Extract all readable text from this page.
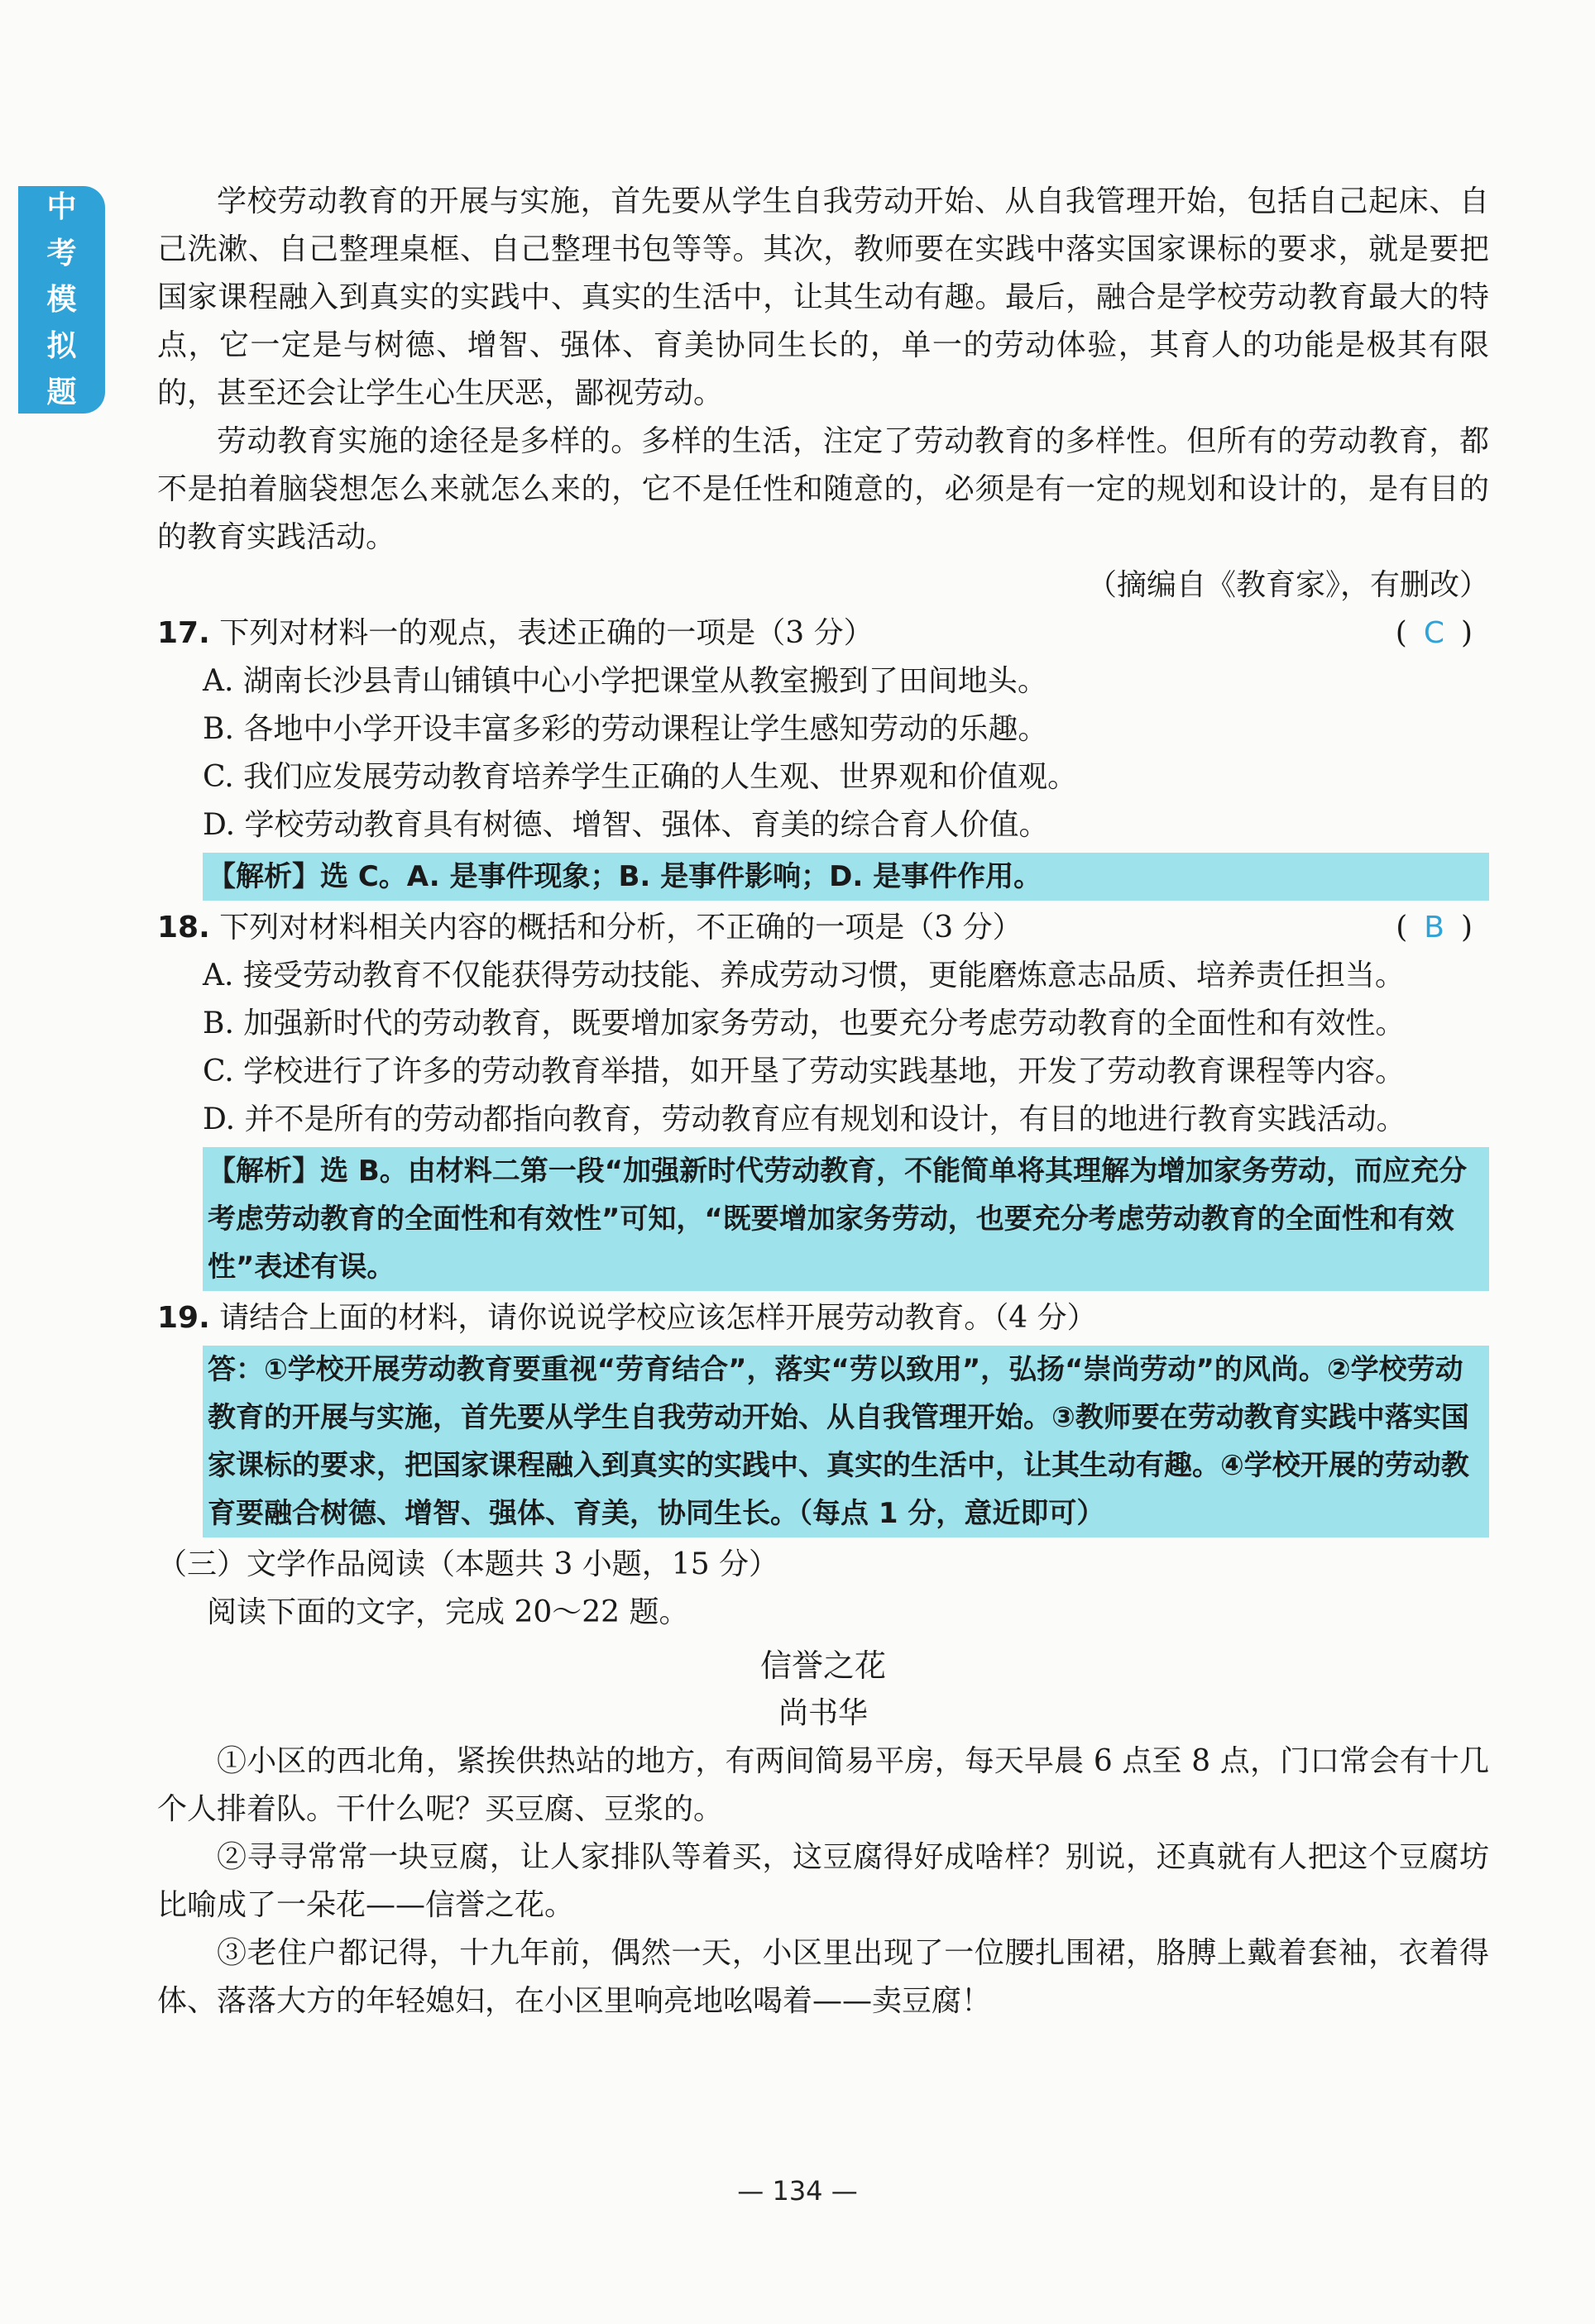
中
考
模
拟
题

学校劳动教育的开展与实施，首先要从学生自我劳动开始、从自我管理开始，包括自己起床、自己洗漱、自己整理桌框、自己整理书包等等。其次，教师要在实践中落实国家课标的要求，就是要把国家课程融入到真实的实践中、真实的生活中，让其生动有趣。最后，融合是学校劳动教育最大的特点，它一定是与树德、增智、强体、育美协同生长的，单一的劳动体验，其育人的功能是极其有限的，甚至还会让学生心生厌恶，鄙视劳动。

劳动教育实施的途径是多样的。多样的生活，注定了劳动教育的多样性。但所有的劳动教育，都不是拍着脑袋想怎么来就怎么来的，它不是任性和随意的，必须是有一定的规划和设计的，是有目的的教育实践活动。

（摘编自《教育家》，有删改）

17. 下列对材料一的观点，表述正确的一项是（3 分）	(C)

A. 湖南长沙县青山铺镇中心小学把课堂从教室搬到了田间地头。

B. 各地中小学开设丰富多彩的劳动课程让学生感知劳动的乐趣。

C. 我们应发展劳动教育培养学生正确的人生观、世界观和价值观。

D. 学校劳动教育具有树德、增智、强体、育美的综合育人价值。

【解析】选 C。A. 是事件现象；B. 是事件影响；D. 是事件作用。

18. 下列对材料相关内容的概括和分析，不正确的一项是（3 分）	(B)

A. 接受劳动教育不仅能获得劳动技能、养成劳动习惯，更能磨炼意志品质、培养责任担当。

B. 加强新时代的劳动教育，既要增加家务劳动，也要充分考虑劳动教育的全面性和有效性。

C. 学校进行了许多的劳动教育举措，如开垦了劳动实践基地，开发了劳动教育课程等内容。

D. 并不是所有的劳动都指向教育，劳动教育应有规划和设计，有目的地进行教育实践活动。

【解析】选 B。由材料二第一段“加强新时代劳动教育，不能简单将其理解为增加家务劳动，而应充分考虑劳动教育的全面性和有效性”可知，“既要增加家务劳动，也要充分考虑劳动教育的全面性和有效性”表述有误。

19. 请结合上面的材料，请你说说学校应该怎样开展劳动教育。（4 分）

答：①学校开展劳动教育要重视“劳育结合”，落实“劳以致用”，弘扬“崇尚劳动”的风尚。②学校劳动教育的开展与实施，首先要从学生自我劳动开始、从自我管理开始。③教师要在劳动教育实践中落实国家课标的要求，把国家课程融入到真实的实践中、真实的生活中，让其生动有趣。④学校开展的劳动教育要融合树德、增智、强体、育美，协同生长。（每点 1 分，意近即可）

（三）文学作品阅读（本题共 3 小题，15 分）

阅读下面的文字，完成 20～22 题。

信誉之花

尚书华

①小区的西北角，紧挨供热站的地方，有两间简易平房，每天早晨 6 点至 8 点，门口常会有十几个人排着队。干什么呢？买豆腐、豆浆的。

②寻寻常常一块豆腐，让人家排队等着买，这豆腐得好成啥样？别说，还真就有人把这个豆腐坊比喻成了一朵花——信誉之花。

③老住户都记得，十九年前，偶然一天，小区里出现了一位腰扎围裙，胳膊上戴着套袖，衣着得体、落落大方的年轻媳妇，在小区里响亮地吆喝着——卖豆腐！

— 134 —
